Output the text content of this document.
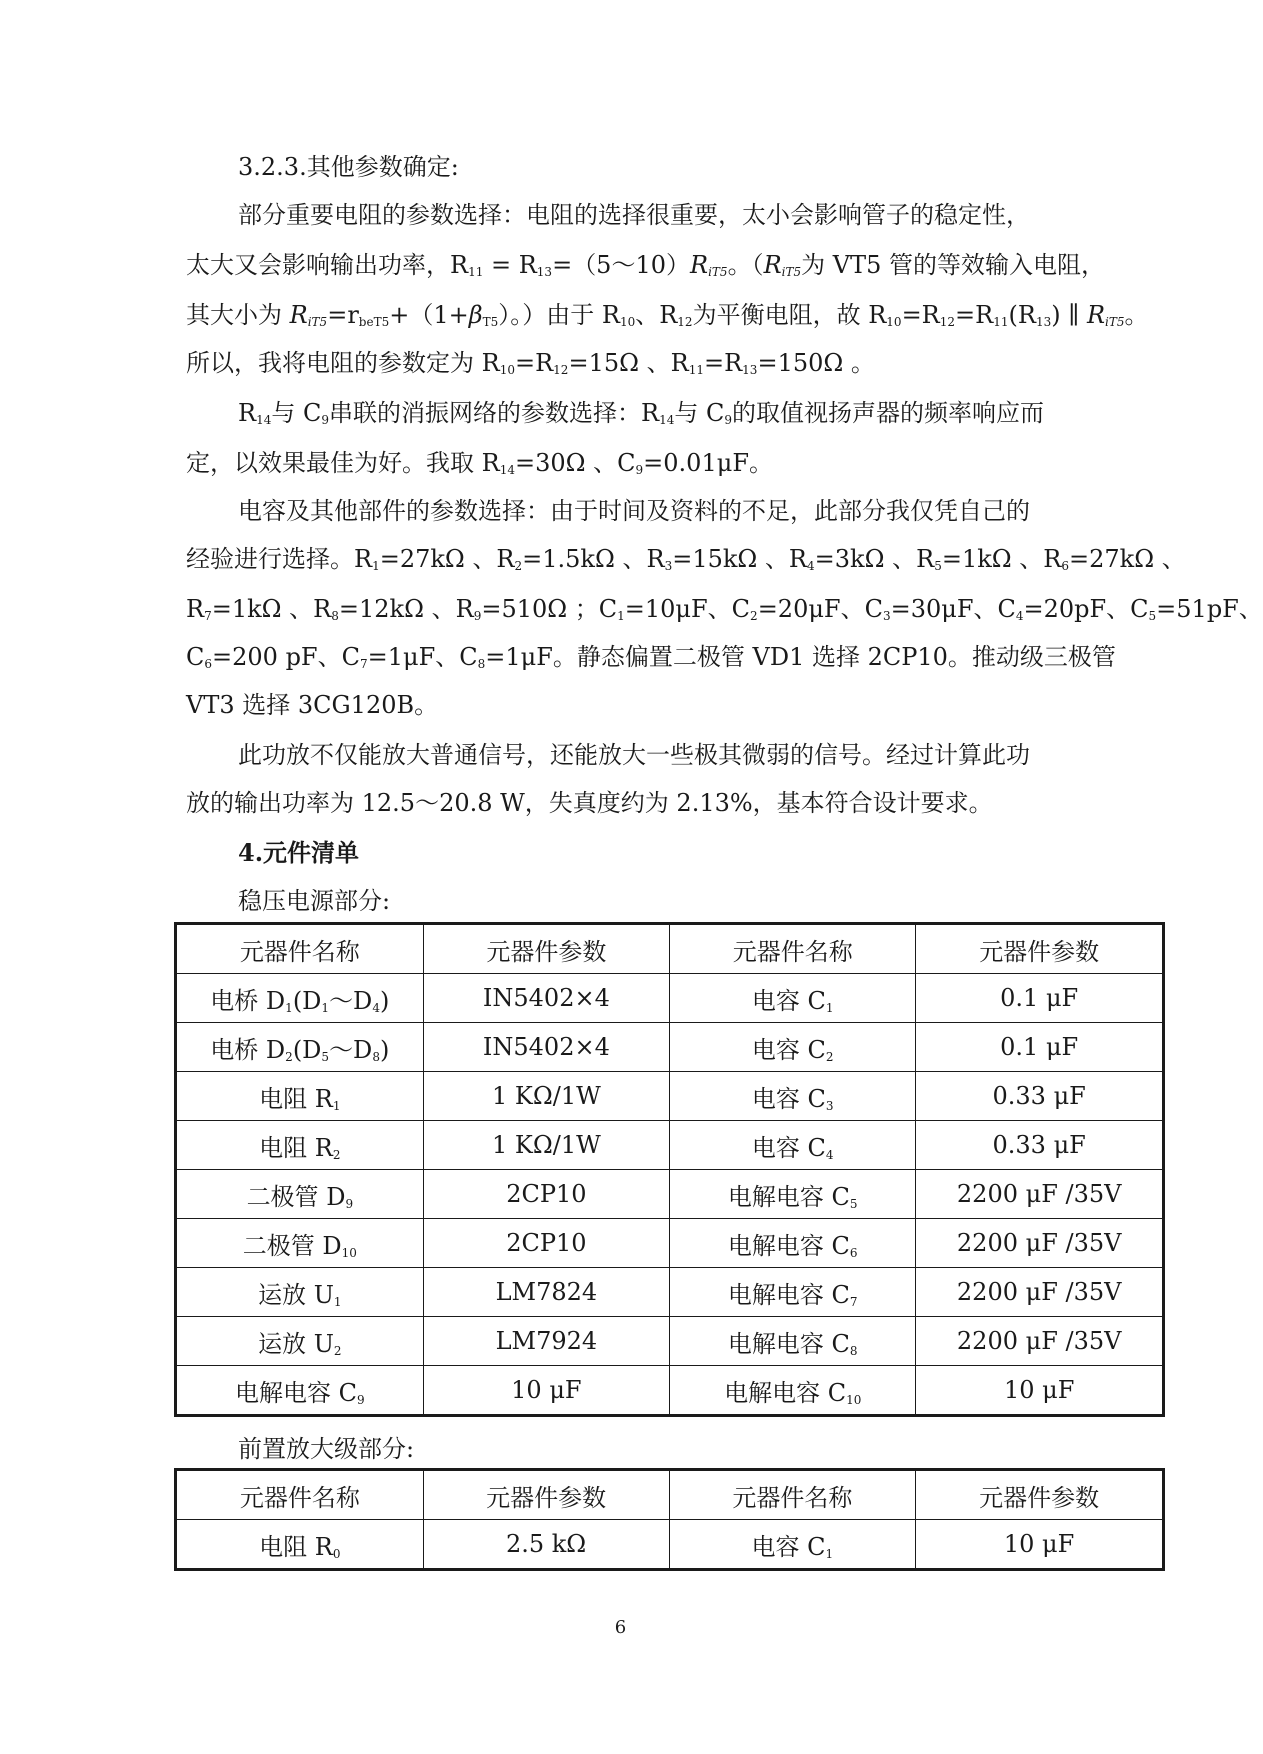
3.2.3.其他参数确定:

部分重要电阻的参数选择：电阻的选择很重要，太小会影响管子的稳定性，

太大又会影响输出功率，$R_{11}$ = $R_{13}=(5\sim 10)R_{iT5}$。（$R_{iT5}$为 VT5 管的等效输入电阻，

其大小为 $R_{iT5}=r_{beT5}+(1+\beta_{T5})$。）由于 $R_{10}$、$R_{12}$为平衡电阻，故 $R_{10}=R_{12}=R_{11}(R_{13})$ ∥ $R_{iT5}$。

所以，我将电阻的参数定为 $R_{10}=R_{12}=15\Omega$ 、$R_{11}=R_{13}=150\Omega$ 。

$R_{14}$与 $C_9$串联的消振网络的参数选择：$R_{14}$与 $C_9$的取值视扬声器的频率响应而

定，以效果最佳为好。我取 $R_{14}=30\Omega$ 、$C_9=0.01\mu F$。

电容及其他部件的参数选择：由于时间及资料的不足，此部分我仅凭自己的

经验进行选择。$R_1=27k\Omega$ 、$R_2=1.5k\Omega$ 、$R_3=15k\Omega$ 、$R_4=3k\Omega$ 、$R_5=1k\Omega$ 、$R_6=27k\Omega$ 、

$R_7=1k\Omega$ 、$R_8=12k\Omega$ 、$R_9=510\Omega$ ；$C_1=10\mu F$、$C_2=20\mu F$、$C_3=30\mu F$、$C_4=20pF$、$C_5=51pF$、

$C_6=200$ pF、$C_7=1\mu F$、$C_8=1\mu F$。静态偏置二极管 VD1 选择 2CP10。推动级三极管

VT3 选择 3CG120B。

此功放不仅能放大普通信号，还能放大一些极其微弱的信号。经过计算此功

放的输出功率为 12.5～20.8 W，失真度约为 2.13%，基本符合设计要求。

4.元件清单

稳压电源部分:

元器件名称	元器件参数	元器件名称	元器件参数
电桥 $D_1(D_1\sim D_4)$	IN5402×4	电容 $C_1$	0.1 μF
电桥 $D_2(D_5\sim D_8)$	IN5402×4	电容 $C_2$	0.1 μF
电阻 $R_1$	1 KΩ/1W	电容 $C_3$	0.33 μF
电阻 $R_2$	1 KΩ/1W	电容 $C_4$	0.33 μF
二极管 $D_9$	2CP10	电解电容 $C_5$	2200 μF /35V
二极管 $D_{10}$	2CP10	电解电容 $C_6$	2200 μF /35V
运放 $U_1$	LM7824	电解电容 $C_7$	2200 μF /35V
运放 $U_2$	LM7924	电解电容 $C_8$	2200 μF /35V
电解电容 $C_9$	10 μF	电解电容 $C_{10}$	10 μF

前置放大级部分:

元器件名称	元器件参数	元器件名称	元器件参数
电阻 $R_0$	2.5 kΩ	电容 $C_1$	10 μF
6
